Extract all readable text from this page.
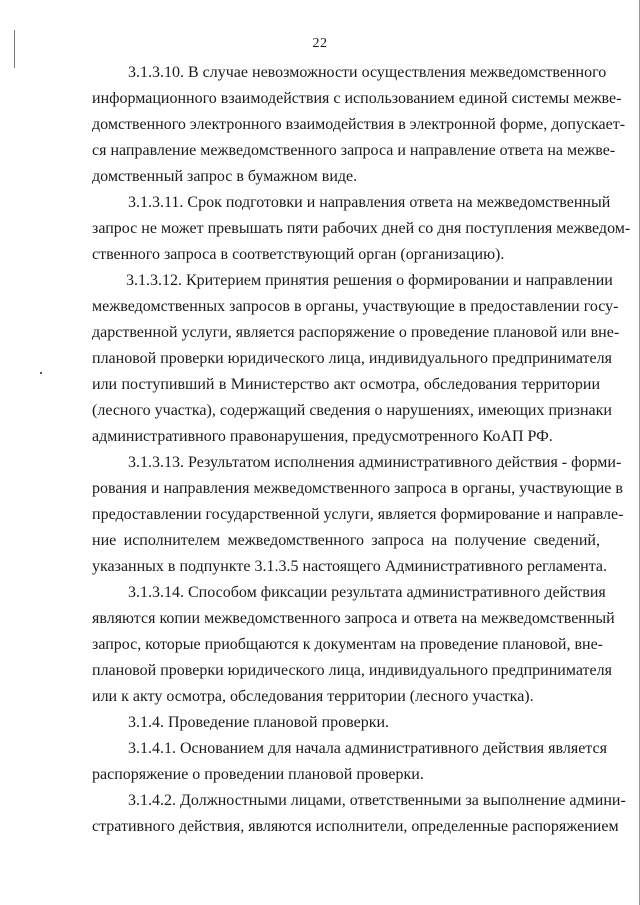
22
3.1.3.10. В случае невозможности осуществления межведомственного
информационного взаимодействия с использованием единой системы межве-
домственного электронного взаимодействия в электронной форме, допускает-
ся направление межведомственного запроса и направление ответа на межве-
домственный запрос в бумажном виде.
3.1.3.11. Срок подготовки и направления ответа на межведомственный
запрос не может превышать пяти рабочих дней со дня поступления межведом-
ственного запроса в соответствующий орган (организацию).
3.1.3.12. Критерием принятия решения о формировании и направлении
межведомственных запросов в органы, участвующие в предоставлении госу-
дарственной услуги, является распоряжение о проведение плановой или вне-
плановой проверки юридического лица, индивидуального предпринимателя
или поступивший в Министерство акт осмотра, обследования территории
(лесного участка), содержащий сведения о нарушениях, имеющих признаки
административного правонарушения, предусмотренного КоАП РФ.
3.1.3.13. Результатом исполнения административного действия - форми-
рования и направления межведомственного запроса в органы, участвующие в
предоставлении государственной услуги, является формирование и направле-
ние исполнителем межведомственного запроса на получение сведений,
указанных в подпункте 3.1.3.5 настоящего Административного регламента.
3.1.3.14. Способом фиксации результата административного действия
являются копии межведомственного запроса и ответа на межведомственный
запрос, которые приобщаются к документам на проведение плановой, вне-
плановой проверки юридического лица, индивидуального предпринимателя
или к акту осмотра, обследования территории (лесного участка).
3.1.4. Проведение плановой проверки.
3.1.4.1. Основанием для начала административного действия является
распоряжение о проведении плановой проверки.
3.1.4.2. Должностными лицами, ответственными за выполнение админи-
стративного действия, являются исполнители, определенные распоряжением
